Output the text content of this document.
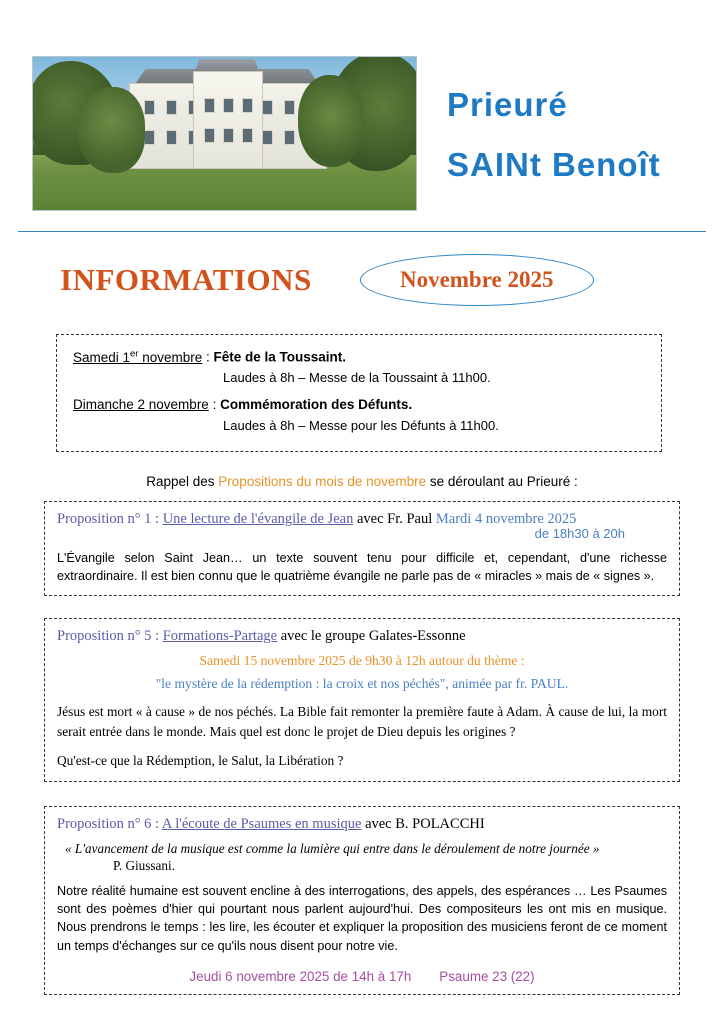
Prieuré
SAINt Benoît
INFORMATIONS	Novembre 2025
Samedi 1er novembre : Fête de la Toussaint.
Laudes à 8h – Messe de la Toussaint à 11h00.
Dimanche 2 novembre : Commémoration des Défunts.
Laudes à 8h – Messe pour les Défunts à 11h00.
Rappel des Propositions du mois de novembre se déroulant au Prieuré :
Proposition n° 1 : Une lecture de l'évangile de Jean avec Fr. Paul Mardi 4 novembre 2025
de 18h30 à 20h
L'Évangile selon Saint Jean… un texte souvent tenu pour difficile et, cependant, d'une richesse extraordinaire. Il est bien connu que le quatrième évangile ne parle pas de « miracles » mais de « signes ».
Proposition n° 5 : Formations-Partage avec le groupe Galates-Essonne
Samedi 15 novembre 2025 de 9h30 à 12h autour du thème :
"le mystère de la rédemption : la croix et nos péchés", animée par fr. PAUL.
Jésus est mort « à cause » de nos péchés. La Bible fait remonter la première faute à Adam. À cause de lui, la mort serait entrée dans le monde. Mais quel est donc le projet de Dieu depuis les origines ?
Qu'est-ce que la Rédemption, le Salut, la Libération ?
Proposition n° 6 : A l'écoute de Psaumes en musique avec B. POLACCHI
« L'avancement de la musique est comme la lumière qui entre dans le déroulement de notre journée »
P. Giussani.
Notre réalité humaine est souvent encline à des interrogations, des appels, des espérances … Les Psaumes sont des poèmes d'hier qui pourtant nous parlent aujourd'hui. Des compositeurs les ont mis en musique. Nous prendrons le temps : les lire, les écouter et expliquer la proposition des musiciens feront de ce moment un temps d'échanges sur ce qu'ils nous disent pour notre vie.
Jeudi 6 novembre 2025 de 14h à 17h Psaume 23 (22)
